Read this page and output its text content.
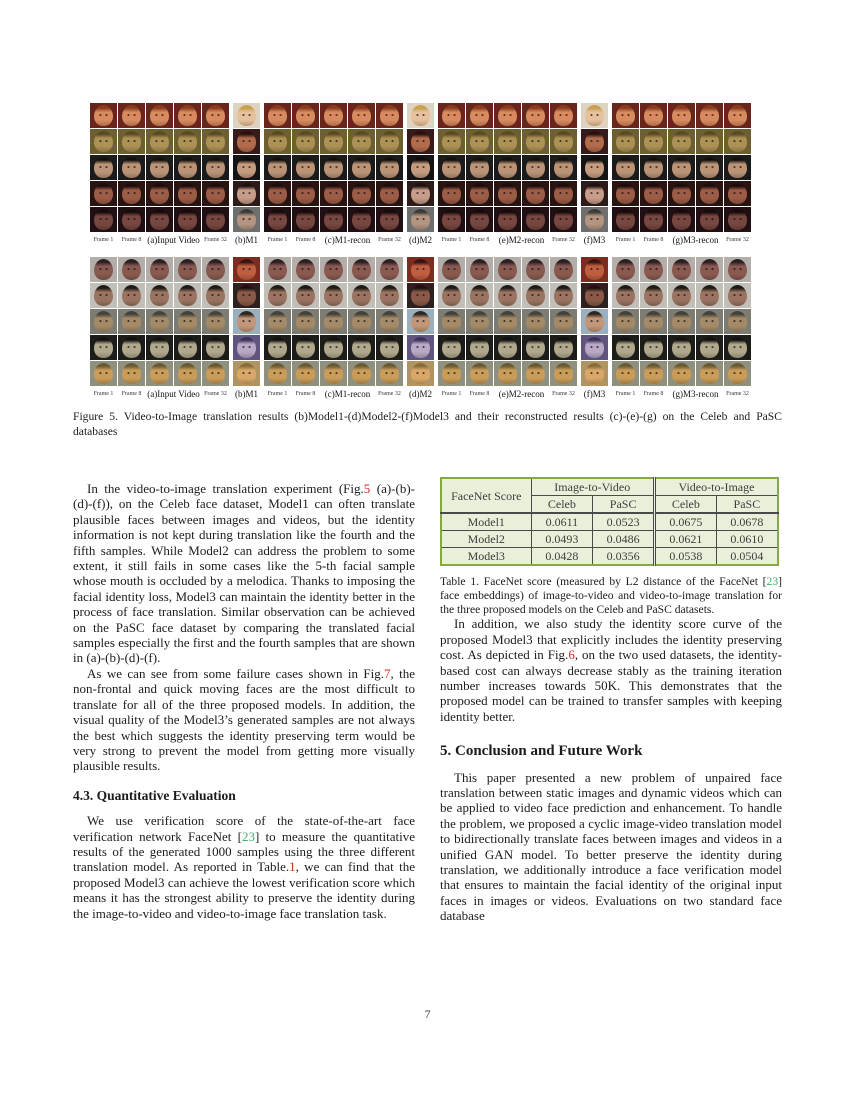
Frame 1	Frame 8 (a)Input Video Frame 32 (b)M1	Frame 1	Frame 8	(c)M1-recon	Frame 32 (d)M2	Frame 1	Frame 8	(e)M2-recon	Frame 32 (f)M3	Frame 1	Frame 8	(g)M3-recon	Frame 32
Frame 1	Frame 8 (a)Input Video Frame 32 (b)M1	Frame 1	Frame 8	(c)M1-recon	Frame 32 (d)M2	Frame 1	Frame 8	(e)M2-recon	Frame 32 (f)M3	Frame 1	Frame 8	(g)M3-recon	Frame 32
Figure 5. Video-to-Image translation results (b)Model1-(d)Model2-(f)Model3 and their reconstructed results (c)-(e)-(g) on the Celeb and PaSC databases

In the video-to-image translation experiment (Fig.5 (a)-(b)-(d)-(f)), on the Celeb face dataset, Model1 can often translate plausible faces between images and videos, but the identity information is not kept during translation like the fourth and the fifth samples. While Model2 can address the problem to some extent, it still fails in some cases like the 5-th facial sample whose mouth is occluded by a melodica. Thanks to imposing the facial identity loss, Model3 can maintain the identity better in the process of face translation. Similar observation can be achieved on the PaSC face dataset by comparing the translated facial samples especially the first and the fourth samples that are shown in (a)-(b)-(d)-(f).

As we can see from some failure cases shown in Fig.7, the non-frontal and quick moving faces are the most difficult to translate for all of the three proposed models. In addition, the visual quality of the Model3’s generated samples are not always the best which suggests the identity preserving term would be very strong to prevent the model from getting more visually plausible results.

4.3. Quantitative Evaluation

We use verification score of the state-of-the-art face verification network FaceNet [23] to measure the quantitative results of the generated 1000 samples using the three different translation model. As reported in Table.1, we can find that the proposed Model3 can achieve the lowest verification score which means it has the strongest ability to preserve the identity during the image-to-video and video-to-image face translation task.

FaceNet Score	Image-to-Video		Video-to-Image	
	Celeb	PaSC	Celeb	PaSC
Model1	0.0611	0.0523	0.0675	0.0678
Model2	0.0493	0.0486	0.0621	0.0610
Model3	0.0428	0.0356	0.0538	0.0504

Table 1. FaceNet score (measured by L2 distance of the FaceNet [23] face embeddings) of image-to-video and video-to-image translation for the three proposed models on the Celeb and PaSC datasets.

In addition, we also study the identity score curve of the proposed Model3 that explicitly includes the identity preserving cost. As depicted in Fig.6, on the two used datasets, the identity-based cost can always decrease stably as the training iteration number increases towards 50K. This demonstrates that the proposed model can be trained to transfer samples with keeping identity better.

5. Conclusion and Future Work

This paper presented a new problem of unpaired face translation between static images and dynamic videos which can be applied to video face prediction and enhancement. To handle the problem, we proposed a cyclic image-video translation model to bidirectionally translate faces between images and videos in a unified GAN model. To better preserve the identity during translation, we additionally introduce a face verification model that ensures to maintain the facial identity of the original input faces in images or videos. Evaluations on two standard face database

7
